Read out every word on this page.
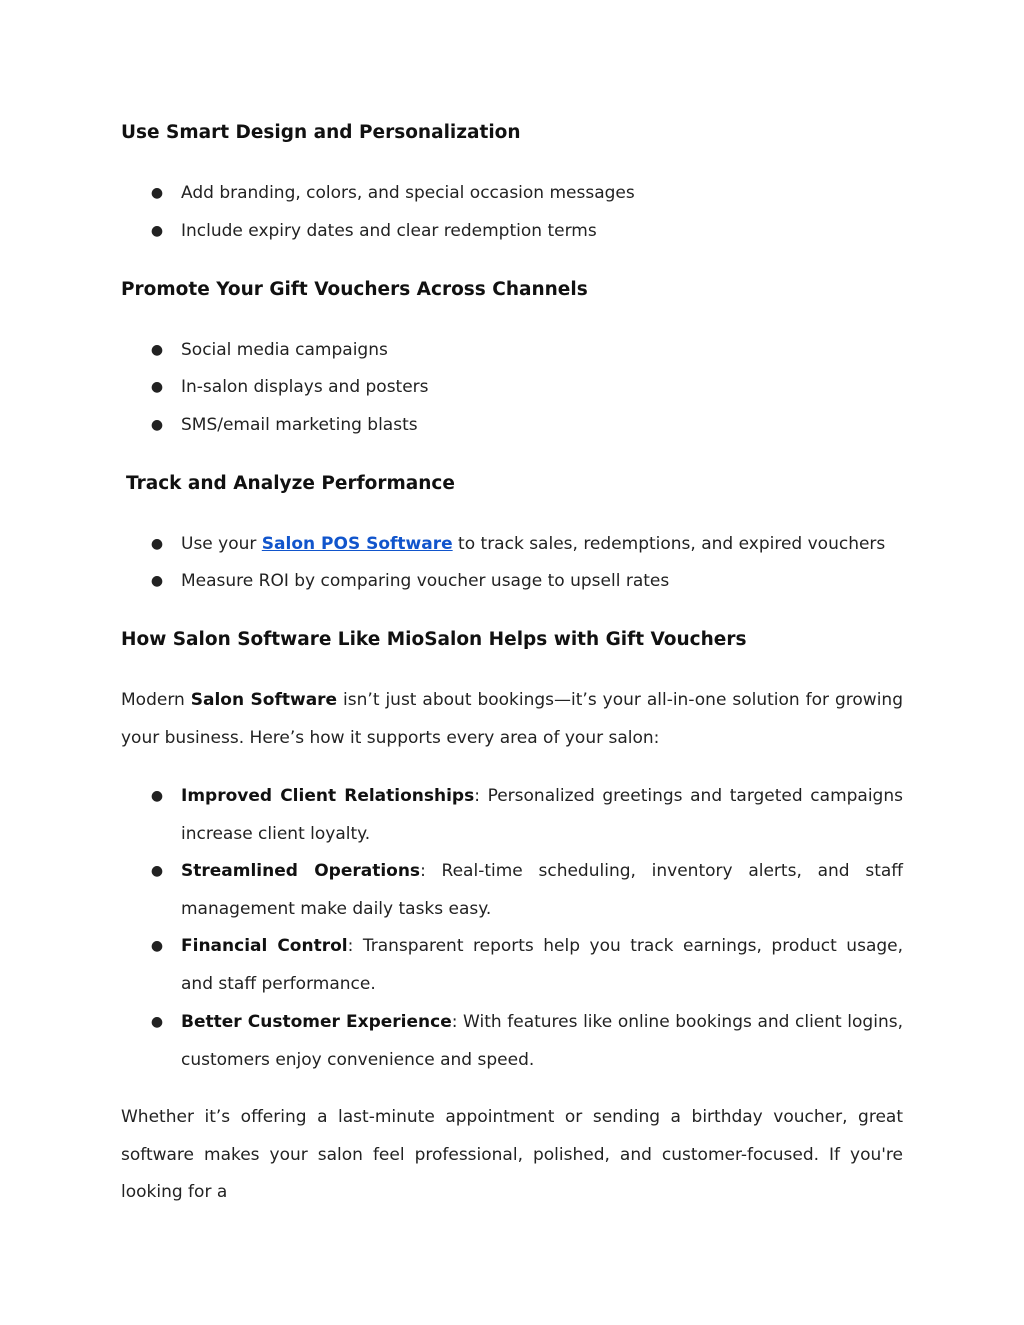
Use Smart Design and Personalization
● Add branding, colors, and special occasion messages
● Include expiry dates and clear redemption terms
Promote Your Gift Vouchers Across Channels
● Social media campaigns
● In-salon displays and posters
● SMS/email marketing blasts
Track and Analyze Performance
● Use your Salon POS Software to track sales, redemptions, and expired vouchers
● Measure ROI by comparing voucher usage to upsell rates
How Salon Software Like MioSalon Helps with Gift Vouchers
Modern Salon Software isn’t just about bookings—it’s your all-in-one solution for growing your business. Here’s how it supports every area of your salon:
● Improved Client Relationships: Personalized greetings and targeted campaigns increase client loyalty.
● Streamlined Operations: Real-time scheduling, inventory alerts, and staff management make daily tasks easy.
● Financial Control: Transparent reports help you track earnings, product usage, and staff performance.
● Better Customer Experience: With features like online bookings and client logins, customers enjoy convenience and speed.
Whether it’s offering a last-minute appointment or sending a birthday voucher, great software makes your salon feel professional, polished, and customer-focused. If you're looking for a
